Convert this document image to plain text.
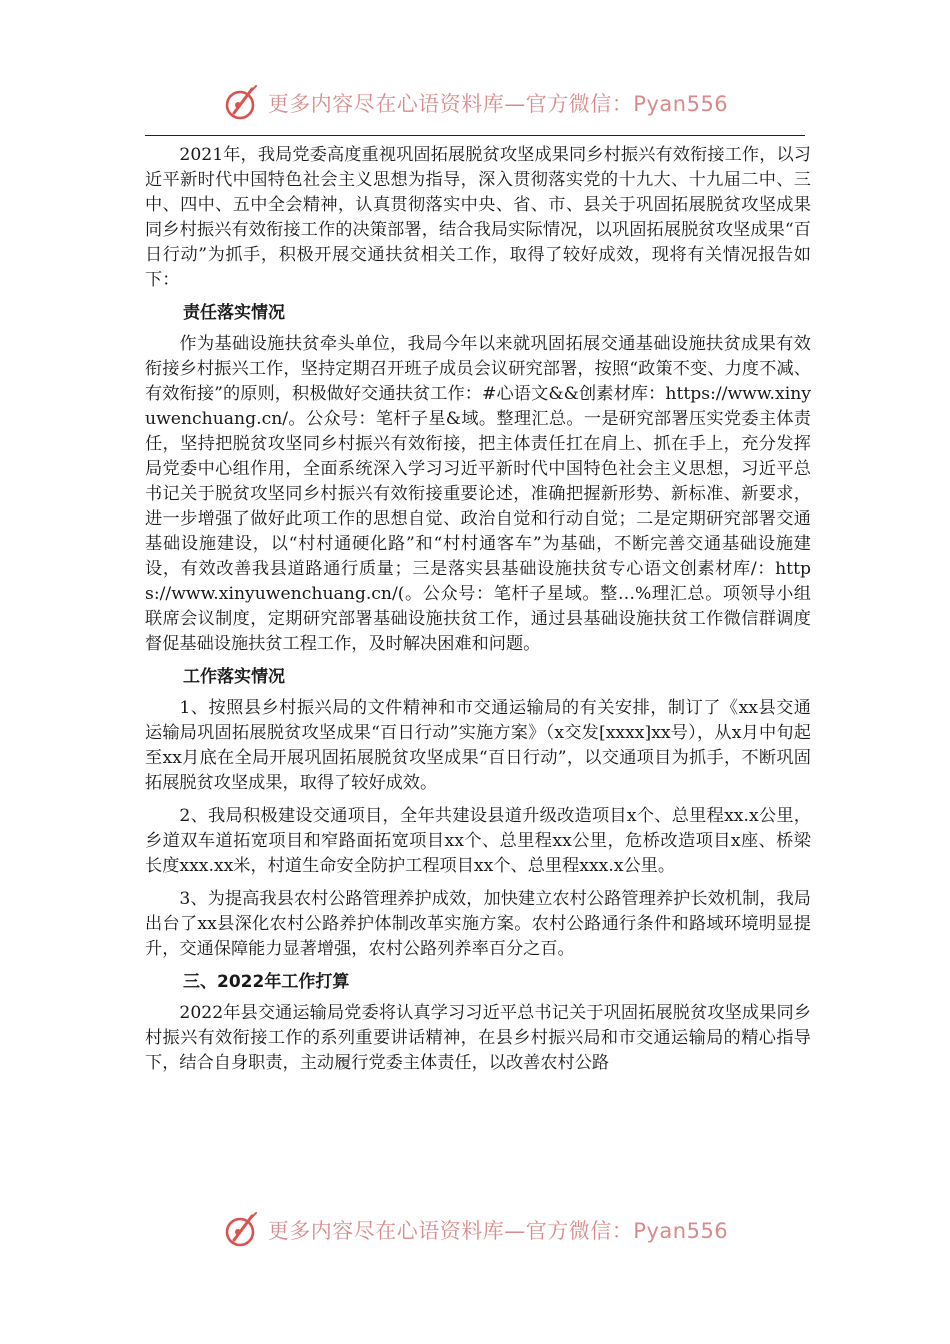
更多内容尽在心语资料库—官方微信：Pyan556

2021年，我局党委高度重视巩固拓展脱贫攻坚成果同乡村振兴有效衔接工作，以习近平新时代中国特色社会主义思想为指导，深入贯彻落实党的十九大、十九届二中、三中、四中、五中全会精神，认真贯彻落实中央、省、市、县关于巩固拓展脱贫攻坚成果同乡村振兴有效衔接工作的决策部署，结合我局实际情况，以巩固拓展脱贫攻坚成果“百日行动”为抓手，积极开展交通扶贫相关工作，取得了较好成效，现将有关情况报告如下：

责任落实情况

作为基础设施扶贫牵头单位，我局今年以来就巩固拓展交通基础设施扶贫成果有效衔接乡村振兴工作，坚持定期召开班子成员会议研究部署，按照“政策不变、力度不减、有效衔接”的原则，积极做好交通扶贫工作：#心语文&&创素材库：https://www.xinyuwenchuang.cn/。公众号：笔杆子星&域。整理汇总。一是研究部署压实党委主体责任，坚持把脱贫攻坚同乡村振兴有效衔接，把主体责任扛在肩上、抓在手上，充分发挥局党委中心组作用，全面系统深入学习习近平新时代中国特色社会主义思想，习近平总书记关于脱贫攻坚同乡村振兴有效衔接重要论述，准确把握新形势、新标准、新要求，进一步增强了做好此项工作的思想自觉、政治自觉和行动自觉；二是定期研究部署交通基础设施建设，以“村村通硬化路”和“村村通客车”为基础，不断完善交通基础设施建设，有效改善我县道路通行质量；三是落实县基础设施扶贫专心语文创素材库/：https://www.xinyuwenchuang.cn/(。公众号：笔杆子星域。整…%理汇总。项领导小组联席会议制度，定期研究部署基础设施扶贫工作，通过县基础设施扶贫工作微信群调度督促基础设施扶贫工程工作，及时解决困难和问题。

工作落实情况

1、按照县乡村振兴局的文件精神和市交通运输局的有关安排，制订了《xx县交通运输局巩固拓展脱贫攻坚成果“百日行动”实施方案》（x交发[xxxx]xx号），从x月中旬起至xx月底在全局开展巩固拓展脱贫攻坚成果“百日行动”，以交通项目为抓手，不断巩固拓展脱贫攻坚成果，取得了较好成效。

2、我局积极建设交通项目，全年共建设县道升级改造项目x个、总里程xx.x公里，乡道双车道拓宽项目和窄路面拓宽项目xx个、总里程xx公里，危桥改造项目x座、桥梁长度xxx.xx米，村道生命安全防护工程项目xx个、总里程xxx.x公里。

3、为提高我县农村公路管理养护成效，加快建立农村公路管理养护长效机制，我局出台了xx县深化农村公路养护体制改革实施方案。农村公路通行条件和路域环境明显提升，交通保障能力显著增强，农村公路列养率百分之百。

三、2022年工作打算

2022年县交通运输局党委将认真学习习近平总书记关于巩固拓展脱贫攻坚成果同乡村振兴有效衔接工作的系列重要讲话精神，在县乡村振兴局和市交通运输局的精心指导下，结合自身职责，主动履行党委主体责任，以改善农村公路

更多内容尽在心语资料库—官方微信：Pyan556
